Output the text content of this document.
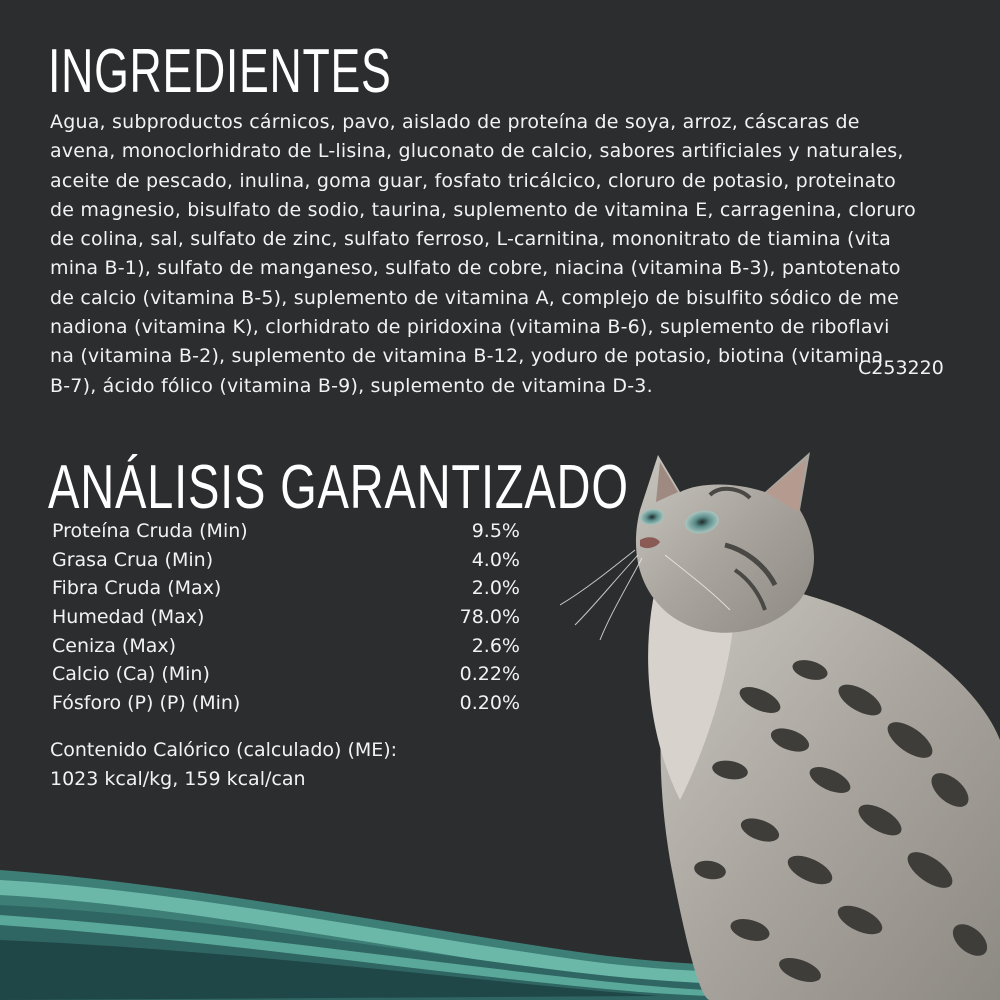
INGREDIENTES
Agua, subproductos cárnicos, pavo, aislado de proteína de soya, arroz, cáscaras de
avena, monoclorhidrato de L-lisina, gluconato de calcio, sabores artificiales y naturales,
aceite de pescado, inulina, goma guar, fosfato tricálcico, cloruro de potasio, proteinato
de magnesio, bisulfato de sodio, taurina, suplemento de vitamina E, carragenina, cloruro
de colina, sal, sulfato de zinc, sulfato ferroso, L-carnitina, mononitrato de tiamina (vita
mina B-1), sulfato de manganeso, sulfato de cobre, niacina (vitamina B-3), pantotenato
de calcio (vitamina B-5), suplemento de vitamina A, complejo de bisulfito sódico de me
nadiona (vitamina K), clorhidrato de piridoxina (vitamina B-6), suplemento de riboflavi
na (vitamina B-2), suplemento de vitamina B-12, yoduro de potasio, biotina (vitamina
B-7), ácido fólico (vitamina B-9), suplemento de vitamina D-3.
C253220
ANÁLISIS GARANTIZADO
Proteína Cruda (Min)	9.5%
Grasa Crua (Min)	4.0%
Fibra Cruda (Max)	2.0%
Humedad (Max)	78.0%
Ceniza (Max)	2.6%
Calcio (Ca) (Min)	0.22%
Fósforo (P) (P) (Min)	0.20%
Contenido Calórico (calculado) (ME):
1023 kcal/kg, 159 kcal/can
